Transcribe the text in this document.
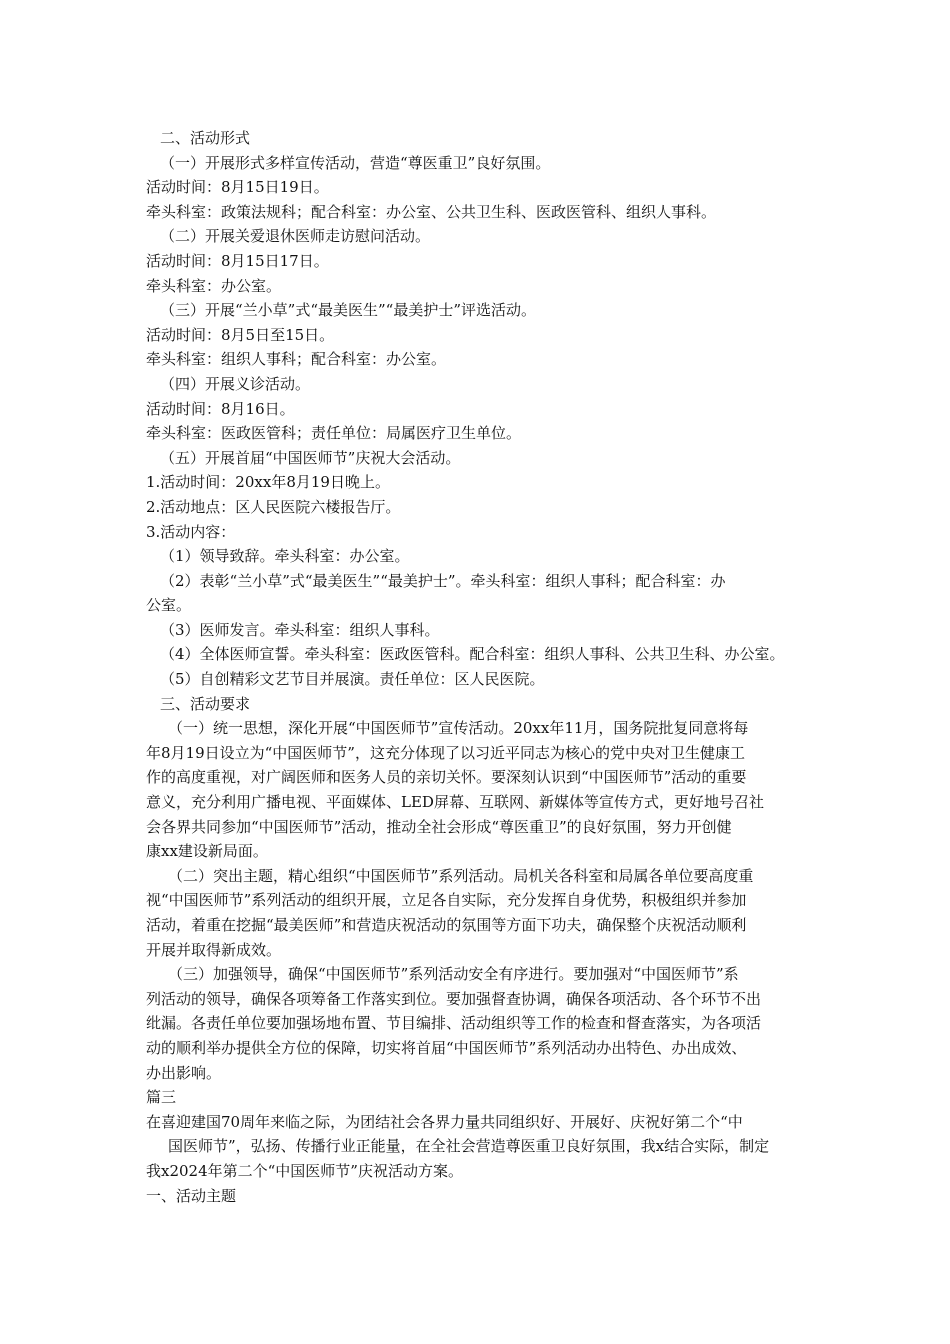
二、活动形式
（一）开展形式多样宣传活动，营造“尊医重卫”良好氛围。
活动时间：8月15日19日。
牵头科室：政策法规科；配合科室：办公室、公共卫生科、医政医管科、组织人事科。
（二）开展关爱退休医师走访慰问活动。
活动时间：8月15日17日。
牵头科室：办公室。
（三）开展“兰小草”式“最美医生”“最美护士”评选活动。
活动时间：8月5日至15日。
牵头科室：组织人事科；配合科室：办公室。
（四）开展义诊活动。
活动时间：8月16日。
牵头科室：医政医管科；责任单位：局属医疗卫生单位。
（五）开展首届“中国医师节”庆祝大会活动。
1.活动时间：20xx年8月19日晚上。
2.活动地点：区人民医院六楼报告厅。
3.活动内容：
（1）领导致辞。牵头科室：办公室。
（2）表彰“兰小草”式“最美医生”“最美护士”。牵头科室：组织人事科；配合科室：办
公室。
（3）医师发言。牵头科室：组织人事科。
（4）全体医师宣誓。牵头科室：医政医管科。配合科室：组织人事科、公共卫生科、办公室。
（5）自创精彩文艺节目并展演。责任单位：区人民医院。
三、活动要求
（一）统一思想，深化开展“中国医师节”宣传活动。20xx年11月，国务院批复同意将每
年8月19日设立为“中国医师节”，这充分体现了以习近平同志为核心的党中央对卫生健康工
作的高度重视，对广阔医师和医务人员的亲切关怀。要深刻认识到“中国医师节”活动的重要
意义，充分利用广播电视、平面媒体、LED屏幕、互联网、新媒体等宣传方式，更好地号召社
会各界共同参加“中国医师节”活动，推动全社会形成“尊医重卫”的良好氛围，努力开创健
康xx建设新局面。
（二）突出主题，精心组织“中国医师节”系列活动。局机关各科室和局属各单位要高度重
视“中国医师节”系列活动的组织开展，立足各自实际，充分发挥自身优势，积极组织并参加
活动，着重在挖掘“最美医师”和营造庆祝活动的氛围等方面下功夫，确保整个庆祝活动顺利
开展并取得新成效。
（三）加强领导，确保“中国医师节”系列活动安全有序进行。要加强对“中国医师节”系
列活动的领导，确保各项筹备工作落实到位。要加强督查协调，确保各项活动、各个环节不出
纰漏。各责任单位要加强场地布置、节目编排、活动组织等工作的检查和督查落实，为各项活
动的顺利举办提供全方位的保障，切实将首届“中国医师节”系列活动办出特色、办出成效、
办出影响。
篇三
在喜迎建国70周年来临之际，为团结社会各界力量共同组织好、开展好、庆祝好第二个“中
国医师节”，弘扬、传播行业正能量，在全社会营造尊医重卫良好氛围，我x结合实际，制定
我x2024年第二个“中国医师节”庆祝活动方案。
一、活动主题
